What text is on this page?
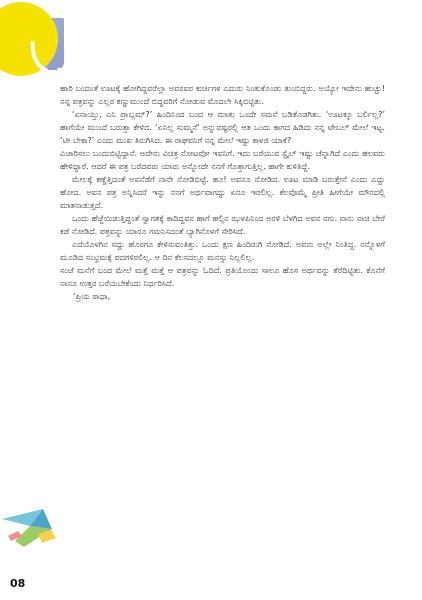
ಕಥೆ

ಹಾರಿ ಬಂದಂತೆ ಊಟಕ್ಕೆ ಹೋಗಿದ್ದವರೆಲ್ಲಾ ಅವರವರ ಕುರ್ಚಿಗಳ ಎದುರು ನಿಂತುಕೊಂಡು ತುಂಬಿದ್ದರು. ಅಯ್ಯೋ ಇದೇನು ಹುಚ್ಚು! ನನ್ನ ಪತ್ರವನ್ನು ಎಲ್ಲರ ಕಣ್ಣುಮುಂದೆ ಬಿದ್ದವರಿಗೆ ನೋಡುವ ಮೊದಲೇ ಸಿಕ್ಕಿಬಿಟ್ಟಿತು.

‘ಏನಾಯ್ತು, ಎನಿ ಪ್ರಾಬ್ಲಮ್?’ ಹಿಂದಿನಿಂದ ಬಂದ ಆ ಮಾತು ಒಂದೇ ಸಮನೆ ಬಡಿತೊಡಗಿತು. ‘ಊಟಕ್ಕೂ ಬರ್ಲಿಲ್ಲ?’ ಹಾಗೆಯೇ ಮುಂದೆ ಬರುತ್ತಾ ಕೇಳಿದ. ‘ಏನಿಲ್ಲ ಸುಮ್ಮನೆ’ ಅನ್ನುವಷ್ಟರಲ್ಲಿ ಆತ ಒಂದು ಕಾಗದ ಹಿಡಿದು ನನ್ನ ಟೇಬಲ್ ಮೇಲೆ ಇಟ್ಟ. ‘ಟೀ ಬೇಕಾ?’ ಎಂದು ಮುಖ ತಿರುಗಿಸಿದ. ಈ ರಾಘವನಿಗೆ ನನ್ನ ಮೇಲೆ ಇಷ್ಟು ಕಾಳಜಿ ಯಾಕೆ?

ವಿಚಾರಿಸಲು ಬಂದುಬಿಟ್ಟಿದ್ದಾನೆ. ಅದೇನು ವಿಚಿತ್ರ ನೋಟವೋ ಇವನಿಗೆ. ಇದು ಬರೆಯುವ ಸ್ಟೈಲ್ ಇಷ್ಟು ಚೆನ್ನಾಗಿದೆ ಎಂದು ಹಲವರು ಹೇಳಿದ್ದಾರೆ. ಆದರೆ ಈ ಪತ್ರ ಬರೆದವರು ಯಾರು ಅನ್ನೋದೇ ನನಗೆ ಗೊತ್ತಾಗುತ್ತಿಲ್ಲ. ಹಾಗೇ ಕುಳಿತಿದ್ದೆ.

ಮೇಲಕ್ಕೆ ಕಣ್ಣೆತ್ತಿದಂತೆ ಅವನೆಡೆಗೆ ನಾನೇ ನೋಡಿಬಿಟ್ಟೆ. ಹೂ! ಅವನೂ ನೋಡಿದ. ಊಟ ಮಾಡಿ ಬರುತ್ತೇನೆ ಎಂದು ಎದ್ದು ಹೋದ. ಅವನ ಪತ್ರ ಅನ್ನಿಸಿದರೆ ಇನ್ನು ನನಗೆ ಅರ್ಥವಾಗದ್ದು ಏನೂ ಇರಲಿಲ್ಲ. ಕೆಲವೊಮ್ಮೆ ಪ್ರೀತಿ ಹೀಗೆಯೇ ಮೌನದಲ್ಲಿ ಮಾತನಾಡುತ್ತದೆ.

ಒಂದು ಹೆಜ್ಜೆಯಿಡುತ್ತಿದ್ದಂತೆ ಸ್ವಾಗತಕ್ಕೆ ಕಾದಿದ್ದವನ ಹಾಗೆ ಹಲ್ಲಿನ ಝಳಪಿನಿಂದ ಅರಳಿ ಬೆಳಗಿದ ಅವನ ನಗು. ನಾನು ನಾಚಿ ಬೇರೆ ಕಡೆ ನೋಡಿದೆ. ಪತ್ರವನ್ನು ಯಾರೂ ಗಮನಿಸದಂತೆ ಬ್ಯಾಗಿನೊಳಗೆ ಸೇರಿಸಿದೆ.

ಎದೆಯೊಳಗಿನ ಸದ್ದು ಹೊರಗೂ ಕೇಳಿಸುವಂತಿತ್ತು. ಒಂದು ಕ್ಷಣ ಹಿಂದಿರುಗಿ ನೋಡಿದೆ. ಅವನು ಅಲ್ಲೇ ನಿಂತಿದ್ದ. ನನ್ನೊಳಗೆ ಮೂಡಿದ ಸಂಭ್ರಮಕ್ಕೆ ಪದಗಳಿರಲಿಲ್ಲ. ಆ ದಿನ ಕೆಲಸದಲ್ಲೂ ಮನಸ್ಸು ನಿಲ್ಲಲಿಲ್ಲ.

ಸಂಜೆ ಮನೆಗೆ ಬಂದ ಮೇಲೆ ಮತ್ತೆ ಮತ್ತೆ ಆ ಪತ್ರವನ್ನು ಓದಿದೆ. ಪ್ರತಿಯೊಂದು ಸಾಲೂ ಹೊಸ ಅರ್ಥವನ್ನು ತೆರೆದಿಟ್ಟಿತು. ಕೊನೆಗೆ ನಾನೂ ಉತ್ತರ ಬರೆಯಬೇಕೆಂದು ನಿರ್ಧರಿಸಿದೆ.

‘ಪ್ರಿಯ ರಾಧಾ,

08
